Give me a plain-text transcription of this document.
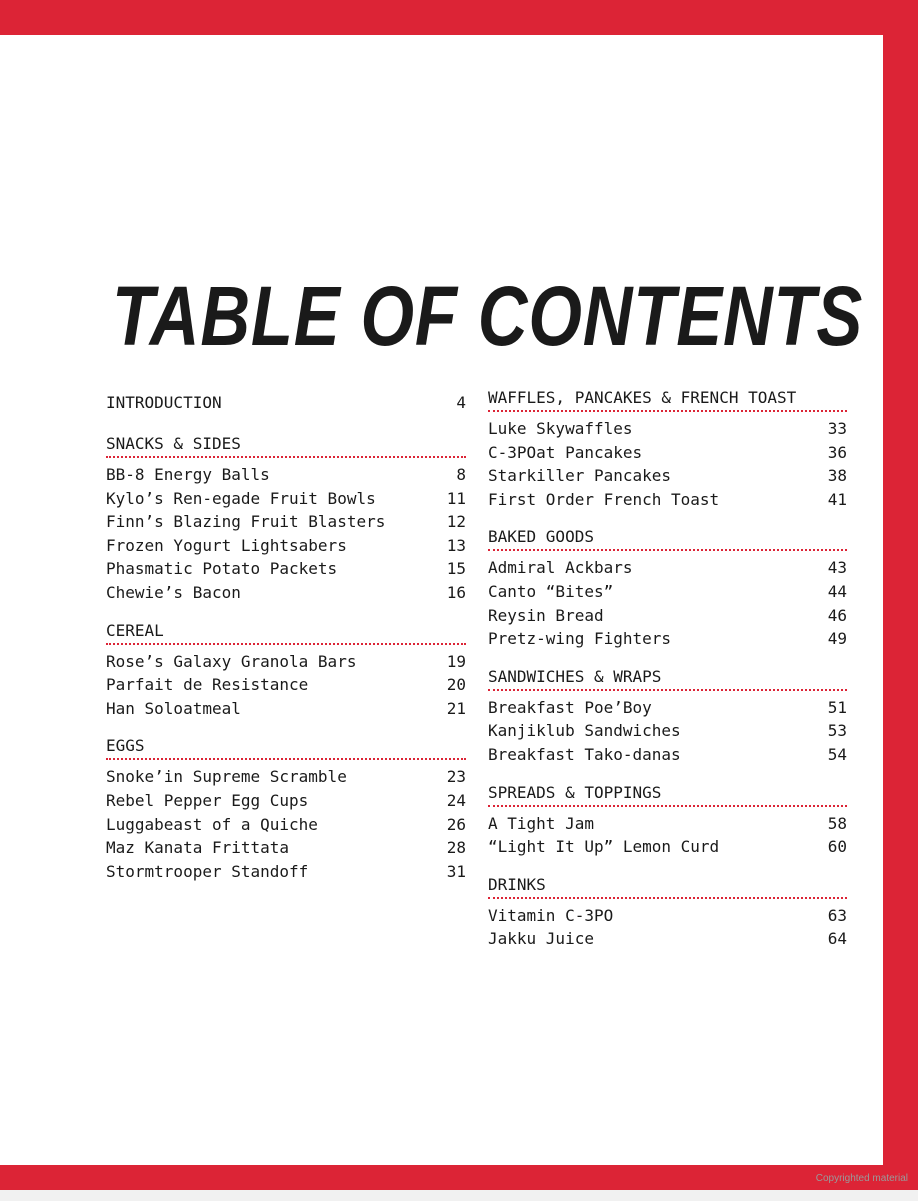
Copyrighted material
TABLE OF CONTENTS
INTRODUCTION	4
SNACKS & SIDES
BB-8 Energy Balls	8
Kylo’s Ren-egade Fruit Bowls	11
Finn’s Blazing Fruit Blasters	12
Frozen Yogurt Lightsabers	13
Phasmatic Potato Packets	15
Chewie’s Bacon	16
CEREAL
Rose’s Galaxy Granola Bars	19
Parfait de Resistance	20
Han Soloatmeal	21
EGGS
Snoke’in Supreme Scramble	23
Rebel Pepper Egg Cups	24
Luggabeast of a Quiche	26
Maz Kanata Frittata	28
Stormtrooper Standoff	31
WAFFLES, PANCAKES & FRENCH TOAST
Luke Skywaffles	33
C-3POat Pancakes	36
Starkiller Pancakes	38
First Order French Toast	41
BAKED GOODS
Admiral Ackbars	43
Canto “Bites”	44
Reysin Bread	46
Pretz-wing Fighters	49
SANDWICHES & WRAPS
Breakfast Poe’Boy	51
Kanjiklub Sandwiches	53
Breakfast Tako-danas	54
SPREADS & TOPPINGS
A Tight Jam	58
“Light It Up” Lemon Curd	60
DRINKS
Vitamin C-3PO	63
Jakku Juice	64
